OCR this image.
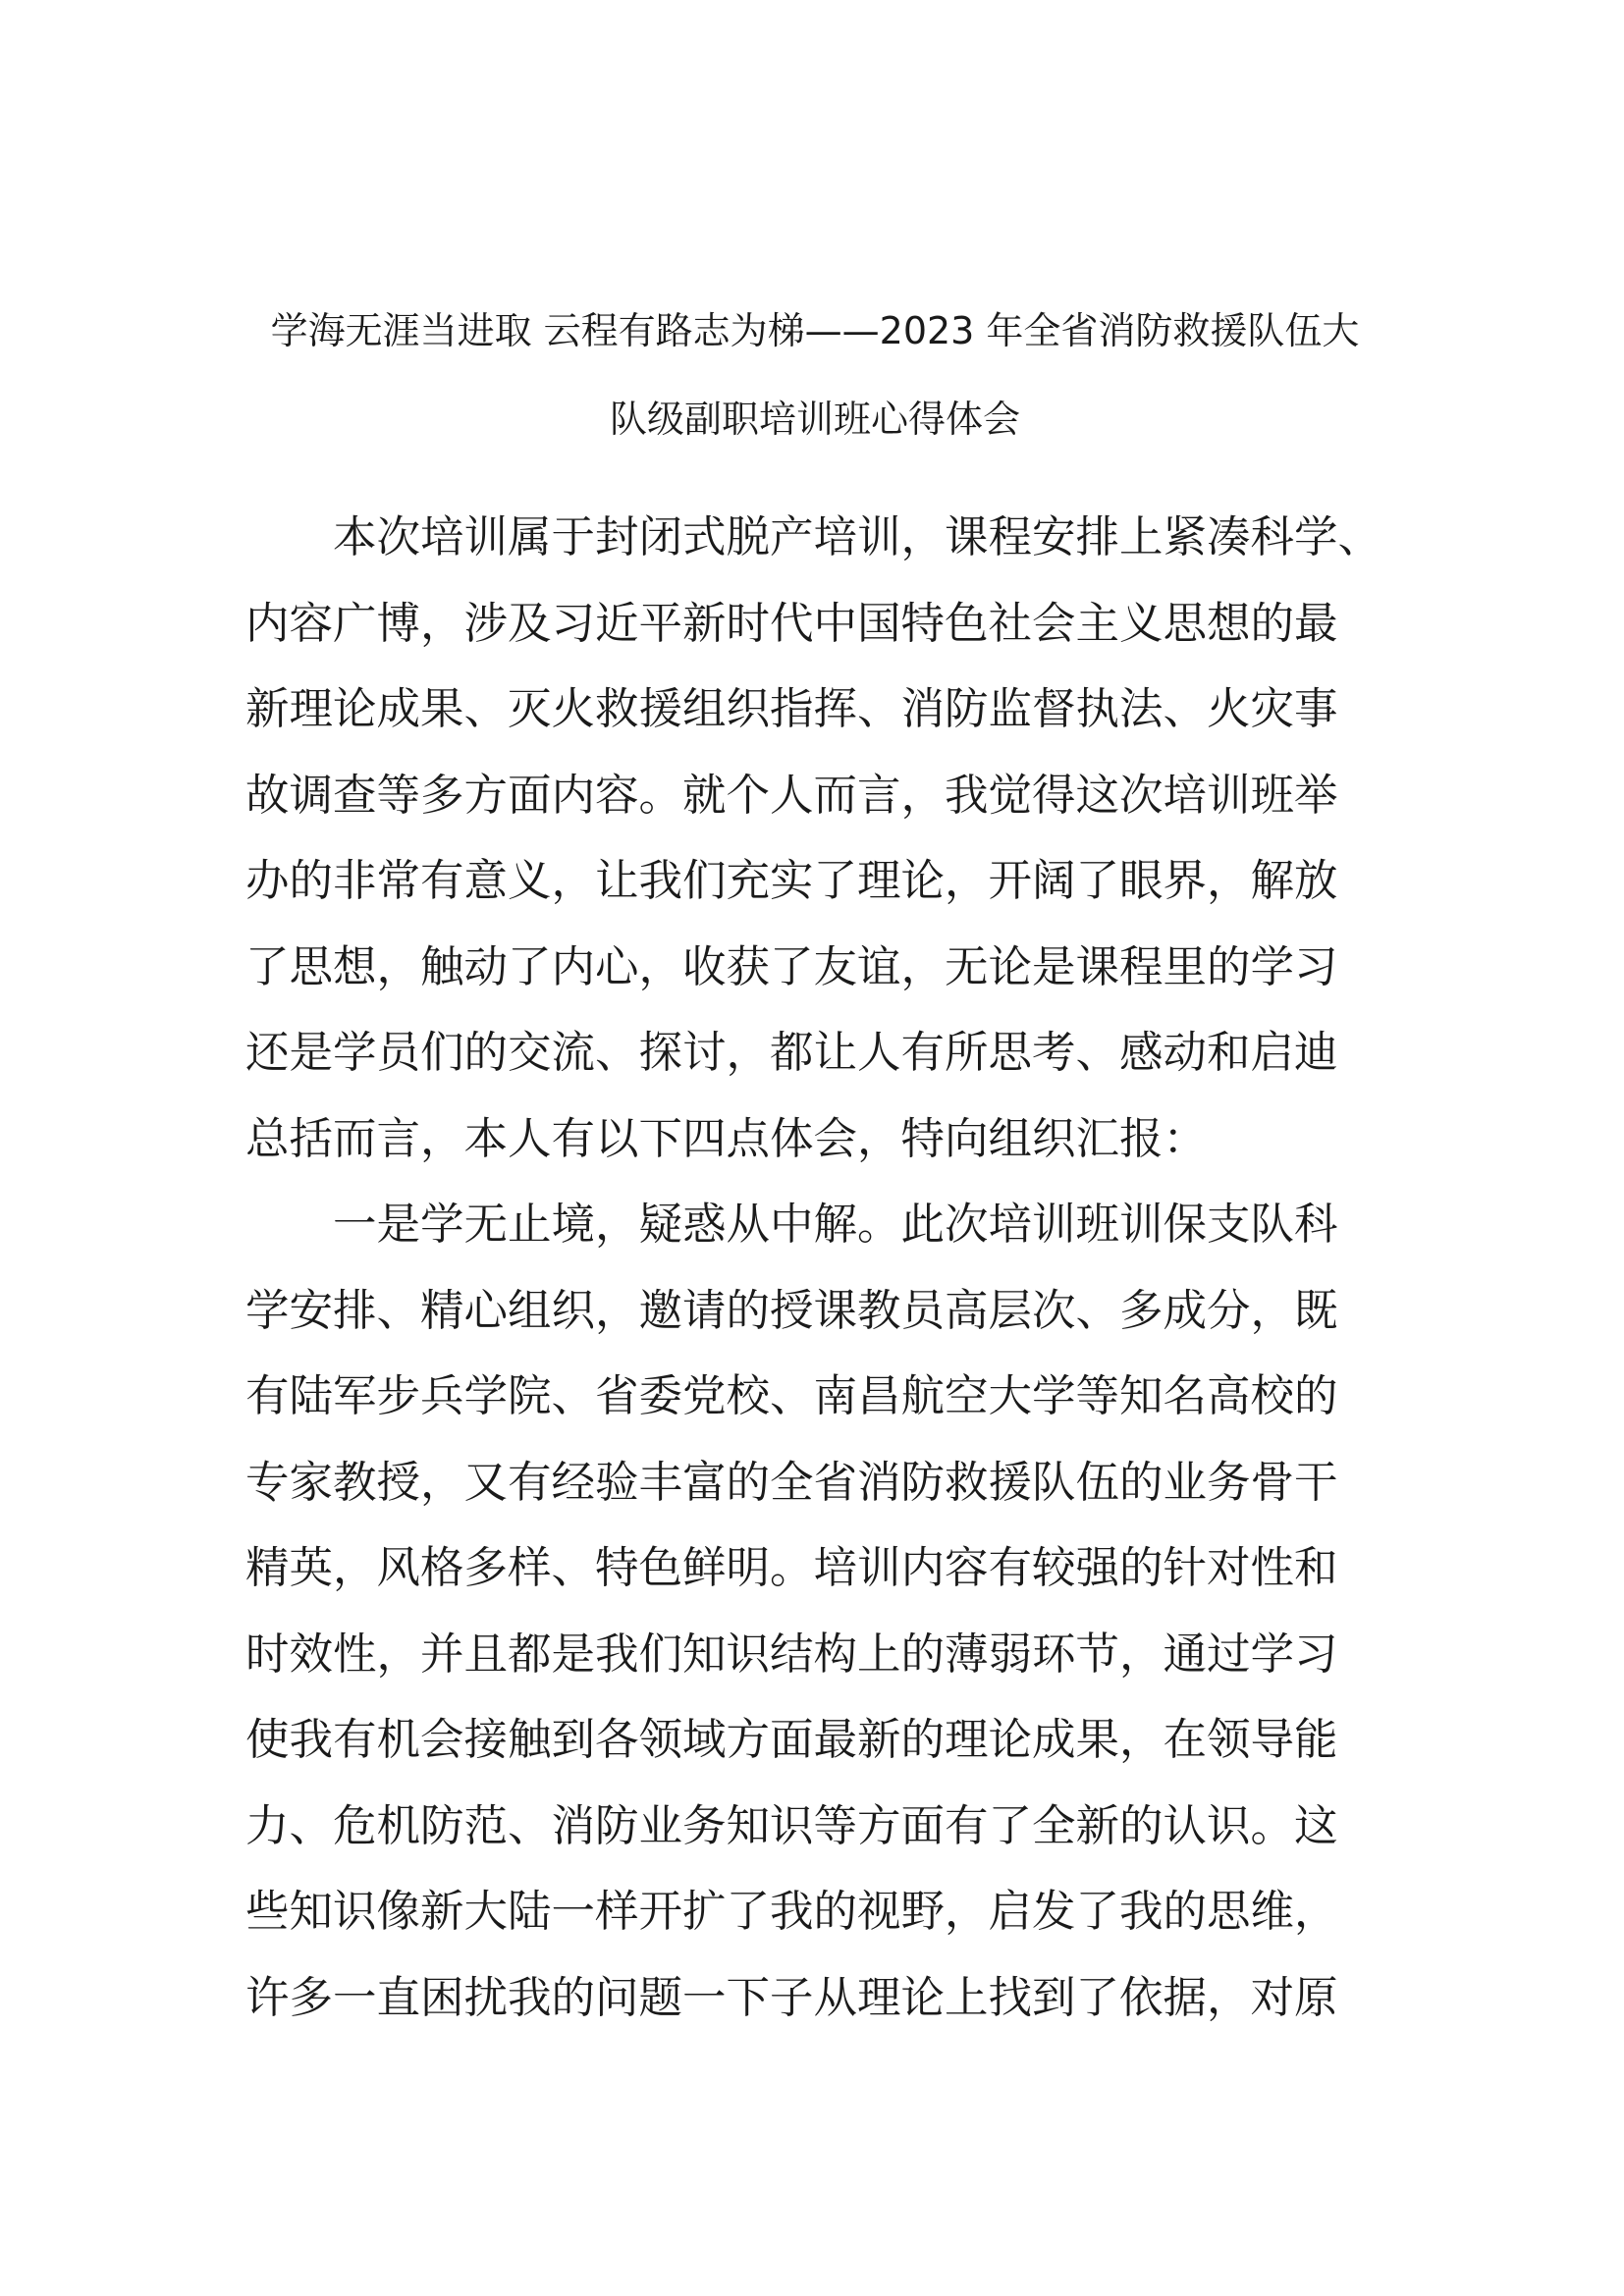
学海无涯当进取 云程有路志为梯——2023 年全省消防救援队伍大
队级副职培训班心得体会
本次培训属于封闭式脱产培训，课程安排上紧凑科学、
内容广博，涉及习近平新时代中国特色社会主义思想的最
新理论成果、灭火救援组织指挥、消防监督执法、火灾事
故调查等多方面内容。就个人而言，我觉得这次培训班举
办的非常有意义，让我们充实了理论，开阔了眼界，解放
了思想，触动了内心，收获了友谊，无论是课程里的学习
还是学员们的交流、探讨，都让人有所思考、感动和启迪
总括而言，本人有以下四点体会，特向组织汇报：
一是学无止境，疑惑从中解。此次培训班训保支队科
学安排、精心组织，邀请的授课教员高层次、多成分，既
有陆军步兵学院、省委党校、南昌航空大学等知名高校的
专家教授，又有经验丰富的全省消防救援队伍的业务骨干
精英，风格多样、特色鲜明。培训内容有较强的针对性和
时效性，并且都是我们知识结构上的薄弱环节，通过学习
使我有机会接触到各领域方面最新的理论成果，在领导能
力、危机防范、消防业务知识等方面有了全新的认识。这
些知识像新大陆一样开扩了我的视野，启发了我的思维，
许多一直困扰我的问题一下子从理论上找到了依据，对原
